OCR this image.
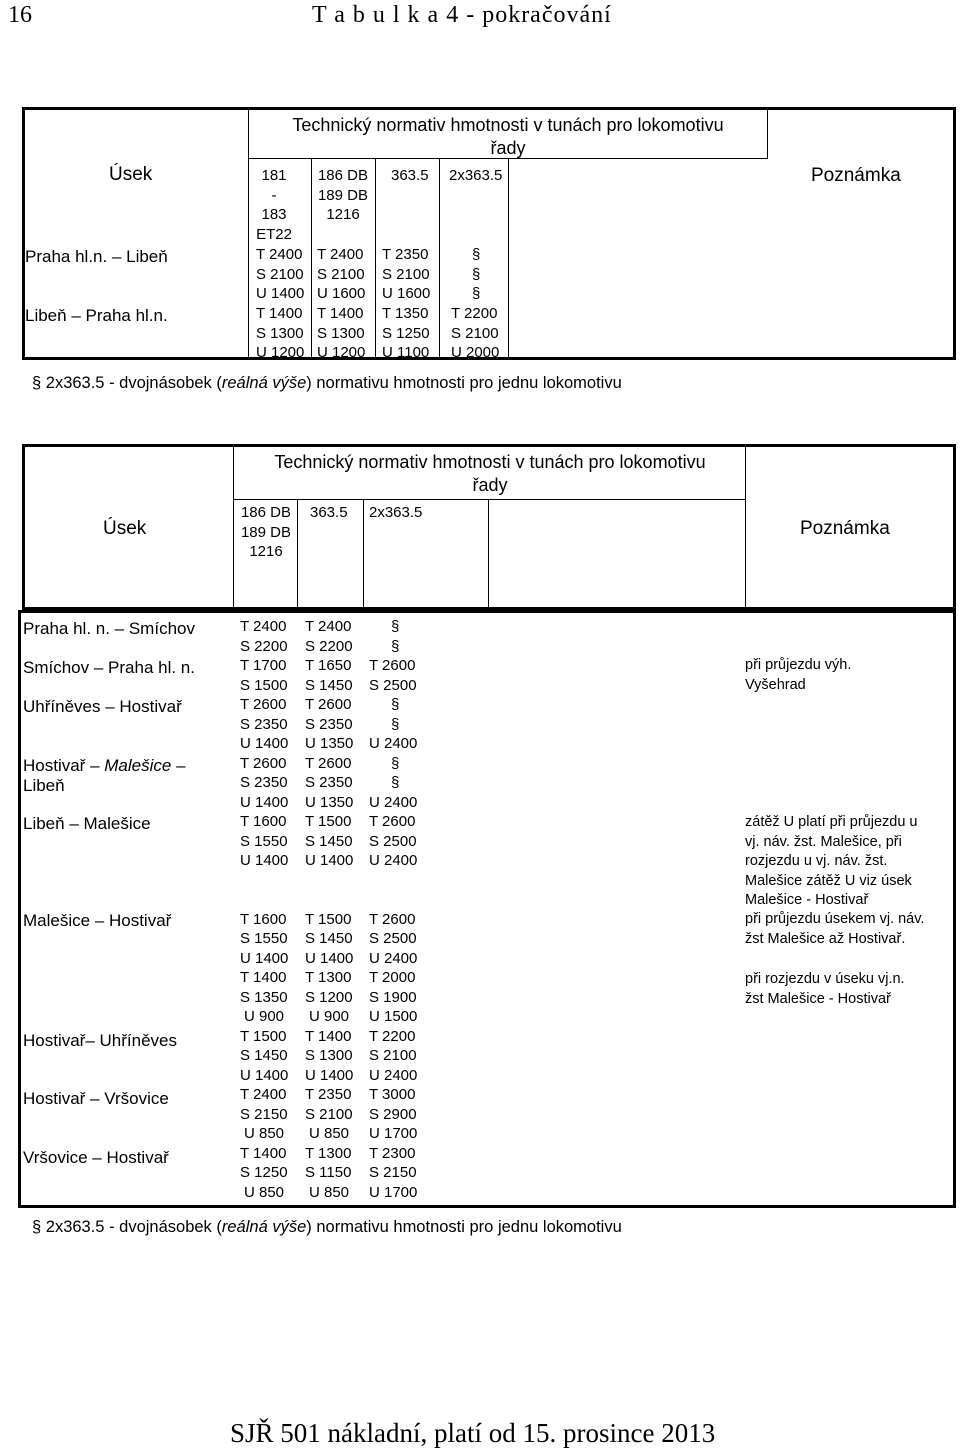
16	T a b u l k a 4 - pokračování
Úsek
Technický normativ hmotnosti v tunách pro lokomotivu
řady
Poznámka
181
-
183
ET22
186 DB
189 DB
1216
363.5 2x363.5
Praha hl.n. – Libeň
Libeň – Praha hl.n.
T 2400
S 2100
U 1400
T 2400
S 2100
U 1600
T 2350
S 2100
U 1600
§
§
§
T 1400
S 1300
U 1200
T 1400
S 1300
U 1200
T 1350
S 1250
U 1100
T 2200
S 2100
U 2000
§ 2x363.5 - dvojnásobek (reálná výše) normativu hmotnosti pro jednu lokomotivu
Úsek
Technický normativ hmotnosti v tunách pro lokomotivu
řady
Poznámka
186 DB
189 DB
1216
363.5 2x363.5
Praha hl. n. – Smíchov
Smíchov – Praha hl. n.
Uhříněves – Hostivař
Hostivař – Malešice –
Libeň
Libeň – Malešice
Malešice – Hostivař
Hostivař– Uhříněves
Hostivař – Vršovice
Vršovice – Hostivař
T 2400
S 2200
T 1700
S 1500
T 2600
S 2350
U 1400
T 2600
S 2350
U 1400
T 1600
S 1550
U 1400
T 1600
S 1550
U 1400
T 1400
S 1350
U 900
T 1500
S 1450
U 1400
T 2400
S 2150
U 850
T 1400
S 1250
U 850
T 2400
S 2200
T 1650
S 1450
T 2600
S 2350
U 1350
T 2600
S 2350
U 1350
T 1500
S 1450
U 1400
T 1500
S 1450
U 1400
T 1300
S 1200
U 900
T 1400
S 1300
U 1400
T 2350
S 2100
U 850
T 1300
S 1150
U 850
§
§
T 2600
S 2500
§
§
U 2400
§
§
U 2400
T 2600
S 2500
U 2400
T 2600
S 2500
U 2400
T 2000
S 1900
U 1500
T 2200
S 2100
U 2400
T 3000
S 2900
U 1700
T 2300
S 2150
U 1700
při průjezdu výh.
Vyšehrad
zátěž U platí při průjezdu u
vj. náv. žst. Malešice, při
rozjezdu u vj. náv. žst.
Malešice zátěž U viz úsek
Malešice - Hostivař
při průjezdu úsekem vj. náv.
žst Malešice až Hostivař.
při rozjezdu v úseku vj.n.
žst Malešice - Hostivař
§ 2x363.5 - dvojnásobek (reálná výše) normativu hmotnosti pro jednu lokomotivu
SJŘ 501 nákladní, platí od 15. prosince 2013
